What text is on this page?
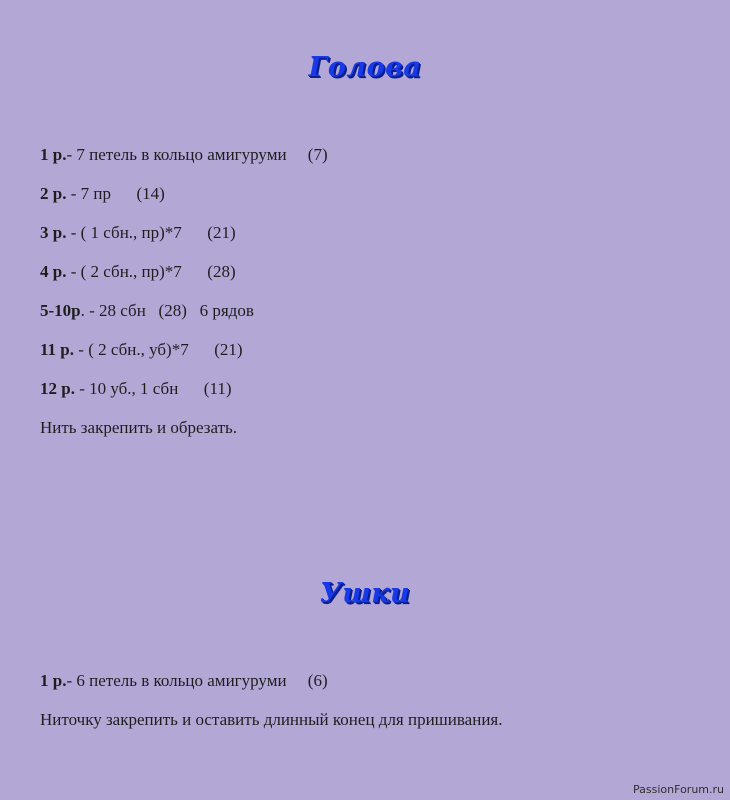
Голова
1 р.- 7 петель в кольцо амигуруми     (7)
2 р. - 7 пр      (14)
3 р. - ( 1 сбн., пр)*7      (21)
4 р. - ( 2 сбн., пр)*7      (28)
5-10р. - 28 сбн   (28)   6 рядов
11 р. - ( 2 сбн., уб)*7      (21)
12 р. - 10 уб., 1 сбн      (11)
Нить закрепить и обрезать.
Ушки
1 р.- 6 петель в кольцо амигуруми     (6)
Ниточку закрепить и оставить длинный конец для пришивания.
PassionForum.ru
